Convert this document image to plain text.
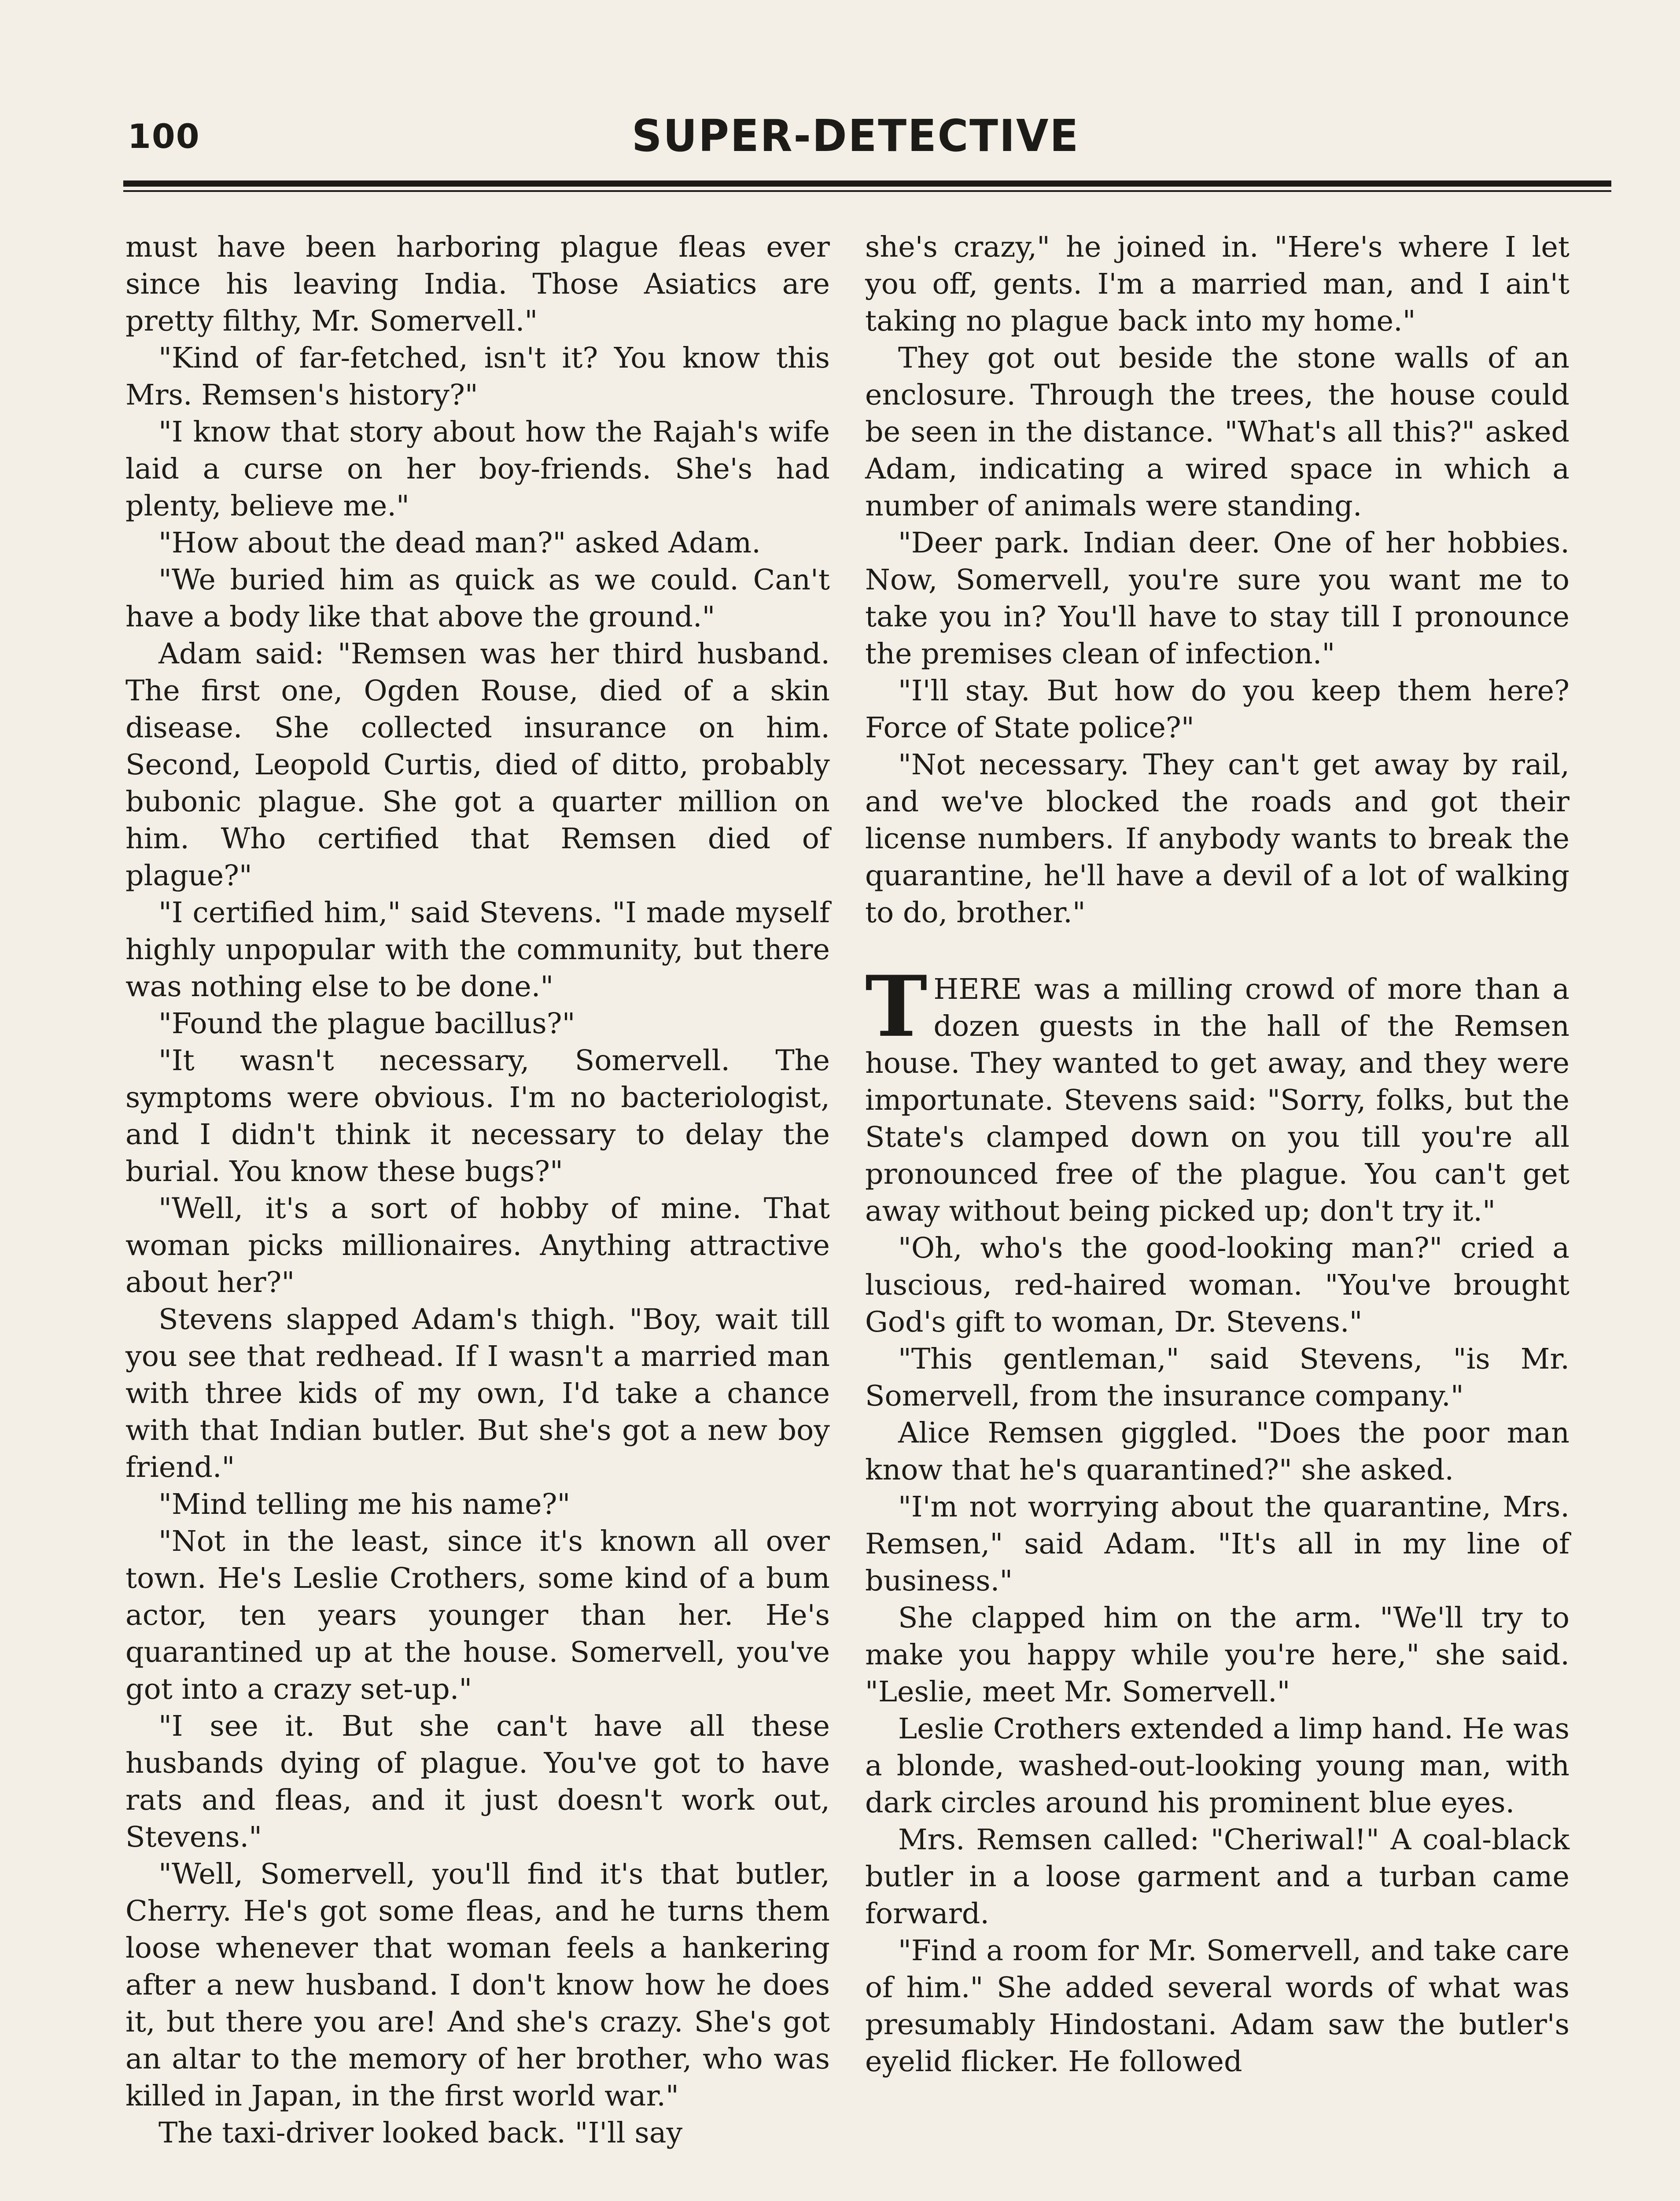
100	SUPER-DETECTIVE

must have been harboring plague fleas ever since his leaving India. Those Asiatics are pretty filthy, Mr. Somervell."

"Kind of far-fetched, isn't it? You know this Mrs. Remsen's history?"

"I know that story about how the Rajah's wife laid a curse on her boy-friends. She's had plenty, believe me."

"How about the dead man?" asked Adam.

"We buried him as quick as we could. Can't have a body like that above the ground."

Adam said: "Remsen was her third husband. The first one, Ogden Rouse, died of a skin disease. She collected insurance on him. Second, Leopold Curtis, died of ditto, probably bubonic plague. She got a quarter million on him. Who certified that Remsen died of plague?"

"I certified him," said Stevens. "I made myself highly unpopular with the community, but there was nothing else to be done."

"Found the plague bacillus?"

"It wasn't necessary, Somervell. The symptoms were obvious. I'm no bacteriologist, and I didn't think it necessary to delay the burial. You know these bugs?"

"Well, it's a sort of hobby of mine. That woman picks millionaires. Anything attractive about her?"

Stevens slapped Adam's thigh. "Boy, wait till you see that redhead. If I wasn't a married man with three kids of my own, I'd take a chance with that Indian butler. But she's got a new boy friend."

"Mind telling me his name?"

"Not in the least, since it's known all over town. He's Leslie Crothers, some kind of a bum actor, ten years younger than her. He's quarantined up at the house. Somervell, you've got into a crazy set-up."

"I see it. But she can't have all these husbands dying of plague. You've got to have rats and fleas, and it just doesn't work out, Stevens."

"Well, Somervell, you'll find it's that butler, Cherry. He's got some fleas, and he turns them loose whenever that woman feels a hankering after a new husband. I don't know how he does it, but there you are! And she's crazy. She's got an altar to the memory of her brother, who was killed in Japan, in the first world war."

The taxi-driver looked back. "I'll say

she's crazy," he joined in. "Here's where I let you off, gents. I'm a married man, and I ain't taking no plague back into my home."

They got out beside the stone walls of an enclosure. Through the trees, the house could be seen in the distance. "What's all this?" asked Adam, indicating a wired space in which a number of animals were standing.

"Deer park. Indian deer. One of her hobbies. Now, Somervell, you're sure you want me to take you in? You'll have to stay till I pronounce the premises clean of infection."

"I'll stay. But how do you keep them here? Force of State police?"

"Not necessary. They can't get away by rail, and we've blocked the roads and got their license numbers. If anybody wants to break the quarantine, he'll have a devil of a lot of walking to do, brother."

THERE was a milling crowd of more than a dozen guests in the hall of the Remsen house. They wanted to get away, and they were importunate. Stevens said: "Sorry, folks, but the State's clamped down on you till you're all pronounced free of the plague. You can't get away without being picked up; don't try it."

"Oh, who's the good-looking man?" cried a luscious, red-haired woman. "You've brought God's gift to woman, Dr. Stevens."

"This gentleman," said Stevens, "is Mr. Somervell, from the insurance company."

Alice Remsen giggled. "Does the poor man know that he's quarantined?" she asked.

"I'm not worrying about the quarantine, Mrs. Remsen," said Adam. "It's all in my line of business."

She clapped him on the arm. "We'll try to make you happy while you're here," she said. "Leslie, meet Mr. Somervell."

Leslie Crothers extended a limp hand. He was a blonde, washed-out-looking young man, with dark circles around his prominent blue eyes.

Mrs. Remsen called: "Cheriwal!" A coal-black butler in a loose garment and a turban came forward.

"Find a room for Mr. Somervell, and take care of him." She added several words of what was presumably Hindostani. Adam saw the butler's eyelid flicker. He followed
